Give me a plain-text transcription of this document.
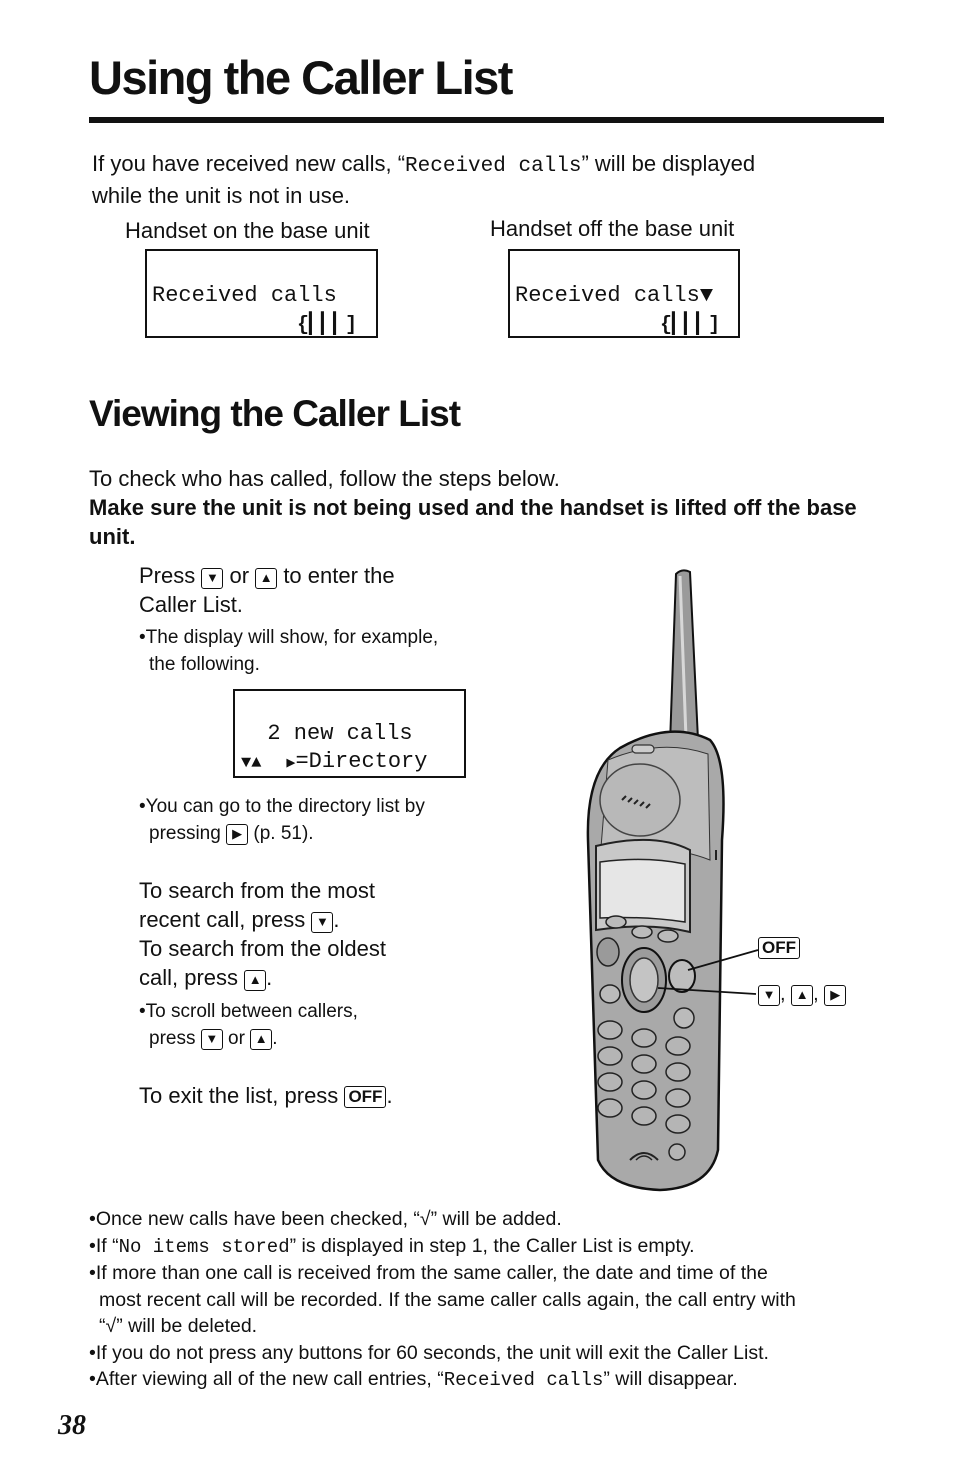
Using the Caller List
If you have received new calls, “Received calls” will be displayed
while the unit is not in use.
Handset on the base unit
Received calls
{▎▎▎]
Handset off the base unit
Received calls▼
{▎▎▎]
Viewing the Caller List
To check who has called, follow the steps below.
Make sure the unit is not being used and the handset is lifted off the base unit.
Press ▼ or ▲ to enter the
Caller List.
•The display will show, for example,
the following.
2 new calls
▼▲ ▶=Directory
•You can go to the directory list by
pressing ▶ (p. 51).
To search from the most
recent call, press ▼ .
To search from the oldest
call, press ▲ .
•To scroll between callers,
press ▼ or ▲ .
To exit the list, press OFF .
OFF
▼ , ▲ , ▶
•Once new calls have been checked, “√” will be added.
•If “No items stored” is displayed in step 1, the Caller List is empty.
•If more than one call is received from the same caller, the date and time of the
most recent call will be recorded. If the same caller calls again, the call entry with
“√” will be deleted.
•If you do not press any buttons for 60 seconds, the unit will exit the Caller List.
•After viewing all of the new call entries, “Received calls” will disappear.
38
